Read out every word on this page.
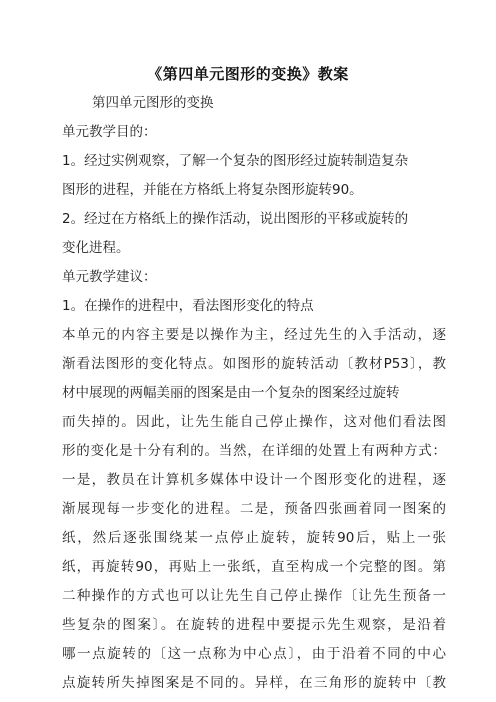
《第四单元图形的变换》教案
第四单元图形的变换
单元教学目的：
1。经过实例观察，了解一个复杂的图形经过旋转制造复杂
图形的进程，并能在方格纸上将复杂图形旋转90。
2。经过在方格纸上的操作活动，说出图形的平移或旋转的
变化进程。
单元教学建议：
1。在操作的进程中，看法图形变化的特点
本单元的内容主要是以操作为主，经过先生的入手活动，逐
渐看法图形的变化特点。如图形的旋转活动〔教材P53〕，教
材中展现的两幅美丽的图案是由一个复杂的图案经过旋转
而失掉的。因此，让先生能自己停止操作，这对他们看法图
形的变化是十分有利的。当然，在详细的处置上有两种方式：
一是，教员在计算机多媒体中设计一个图形变化的进程，逐
渐展现每一步变化的进程。二是，预备四张画着同一图案的
纸，然后逐张围绕某一点停止旋转，旋转90后，贴上一张
纸，再旋转90，再贴上一张纸，直至构成一个完整的图。第
二种操作的方式也可以让先生自己停止操作〔让先生预备一
些复杂的图案〕。在旋转的进程中要提示先生观察，是沿着
哪一点旋转的〔这一点称为中心点〕，由于沿着不同的中心
点旋转所失掉图案是不同的。异样，在三角形的旋转中〔教
